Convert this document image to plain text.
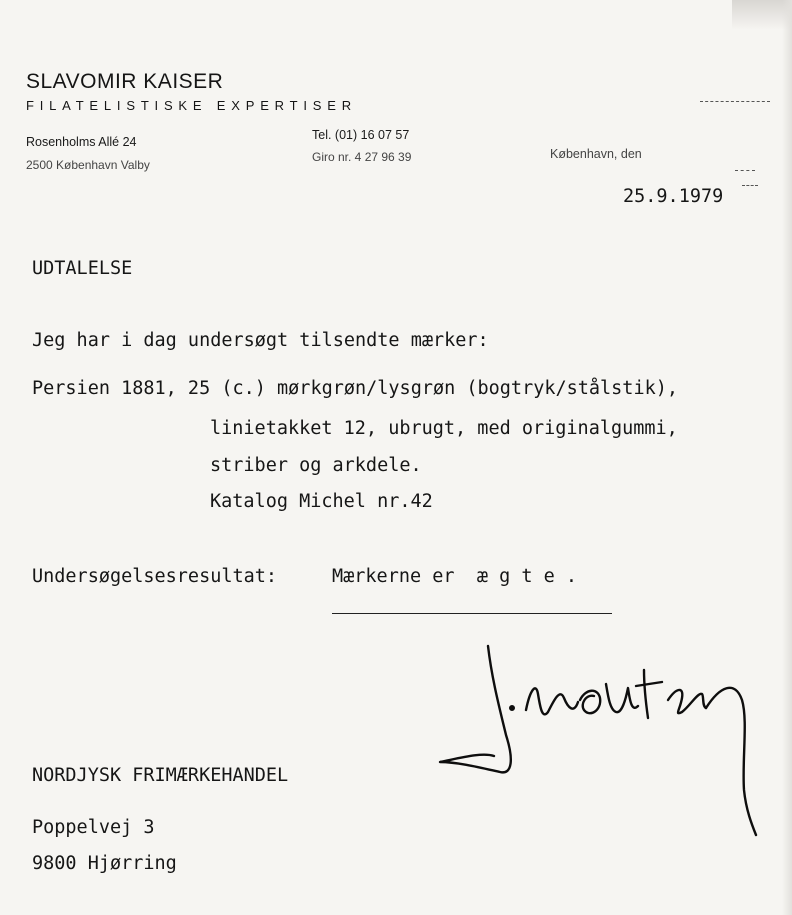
SLAVOMIR KAISER
FILATELISTISKE EXPERTISER
Rosenholms Allé 24
2500 København Valby
Tel. (01) 16 07 57
Giro nr. 4 27 96 39	København, den
25.9.1979
UDTALELSE
Jeg har i dag undersøgt tilsendte mærker:
Persien 1881, 25 (c.) mørkgrøn/lysgrøn (bogtryk/stålstik),
linietakket 12, ubrugt, med originalgummi,
striber og arkdele.
Katalog Michel nr.42
Undersøgelsesresultat:	Mærkerne er  æ g t e .
NORDJYSK FRIMÆRKEHANDEL
Poppelvej 3
9800 Hjørring
